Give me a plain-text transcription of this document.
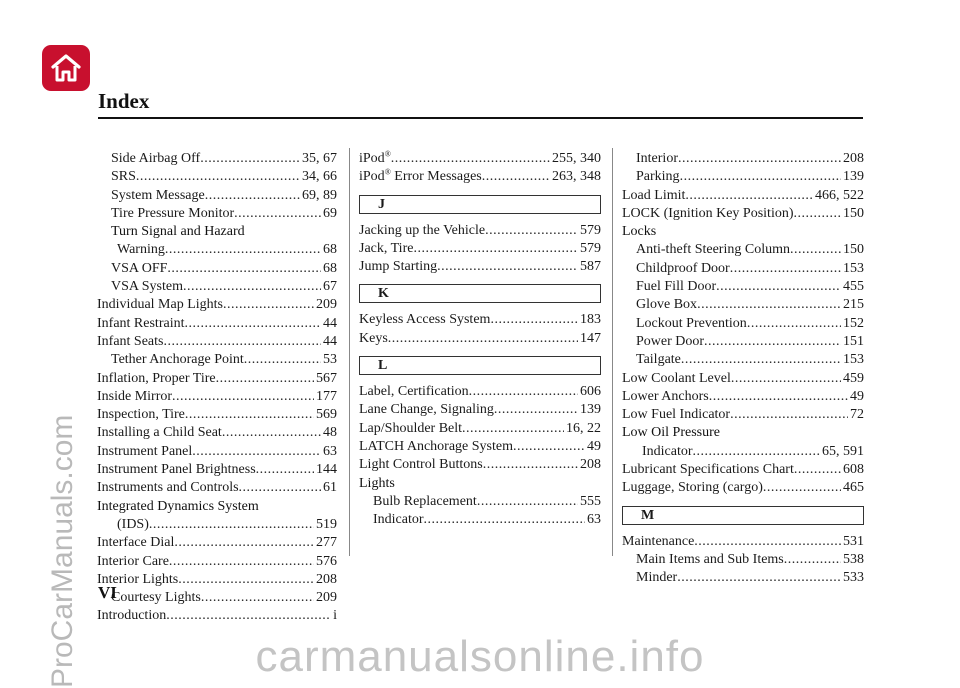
Index
Side Airbag Off .....	35, 67
SRS .....	34, 66
System Message .....	69, 89
Tire Pressure Monitor .....	69
Turn Signal and Hazard
Warning .....	68
VSA OFF .....	68
VSA System .....	67
Individual Map Lights .....	209
Infant Restraint .....	44
Infant Seats .....	44
Tether Anchorage Point .....	53
Inflation, Proper Tire .....	567
Inside Mirror .....	177
Inspection, Tire .....	569
Installing a Child Seat .....	48
Instrument Panel .....	63
Instrument Panel Brightness .....	144
Instruments and Controls .....	61
Integrated Dynamics System
(IDS) .....	519
Interface Dial .....	277
Interior Care .....	576
Interior Lights .....	208
Courtesy Lights .....	209
Introduction .....	i
iPod® .....	255, 340
iPod® Error Messages .....	263, 348
J
Jacking up the Vehicle .....	579
Jack, Tire .....	579
Jump Starting .....	587
K
Keyless Access System .....	183
Keys .....	147
L
Label, Certification .....	606
Lane Change, Signaling .....	139
Lap/Shoulder Belt .....	16, 22
LATCH Anchorage System .....	49
Light Control Buttons .....	208
Lights
Bulb Replacement .....	555
Indicator .....	63
Interior .....	208
Parking .....	139
Load Limit .....	466, 522
LOCK (Ignition Key Position) .....	150
Locks
Anti-theft Steering Column .....	150
Childproof Door .....	153
Fuel Fill Door .....	455
Glove Box .....	215
Lockout Prevention .....	152
Power Door .....	151
Tailgate .....	153
Low Coolant Level .....	459
Lower Anchors .....	49
Low Fuel Indicator .....	72
Low Oil Pressure
Indicator .....	65, 591
Lubricant Specifications Chart .....	608
Luggage, Storing (cargo) .....	465
M
Maintenance .....	531
Main Items and Sub Items .....	538
Minder .....	533
VI
ProCarManuals.com	carmanualsonline.info
